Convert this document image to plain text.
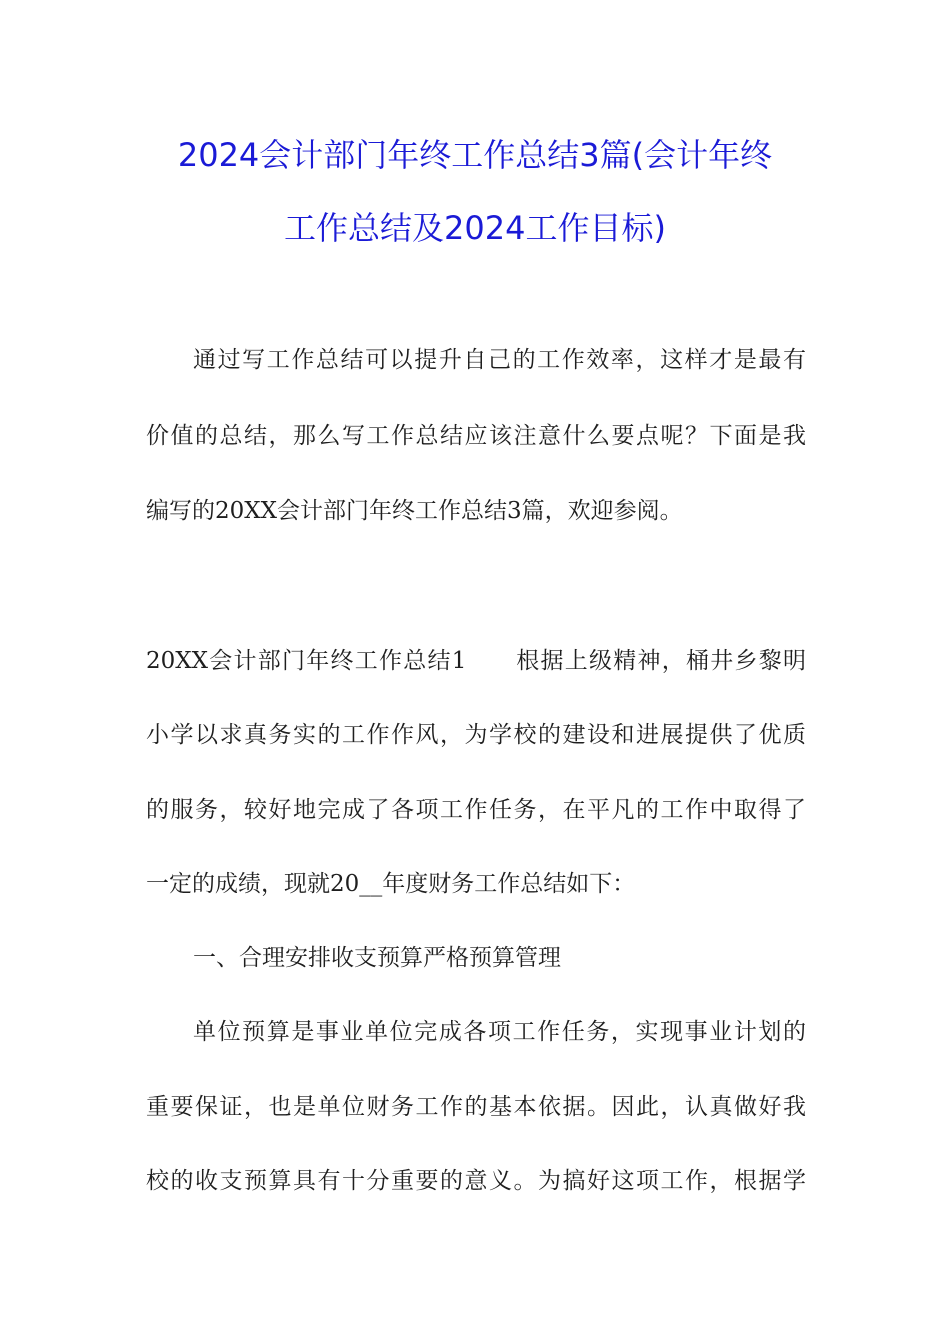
2024会计部门年终工作总结3篇(会计年终
工作总结及2024工作目标)
通过写工作总结可以提升自己的工作效率，这样才是最有
价值的总结，那么写工作总结应该注意什么要点呢？下面是我
编写的20XX会计部门年终工作总结3篇，欢迎参阅。
20XX会计部门年终工作总结1　　根据上级精神，桶井乡黎明
小学以求真务实的工作作风，为学校的建设和进展提供了优质
的服务，较好地完成了各项工作任务，在平凡的工作中取得了
一定的成绩，现就20__年度财务工作总结如下：
一、合理安排收支预算严格预算管理
单位预算是事业单位完成各项工作任务，实现事业计划的
重要保证，也是单位财务工作的基本依据。因此，认真做好我
校的收支预算具有十分重要的意义。为搞好这项工作，根据学
